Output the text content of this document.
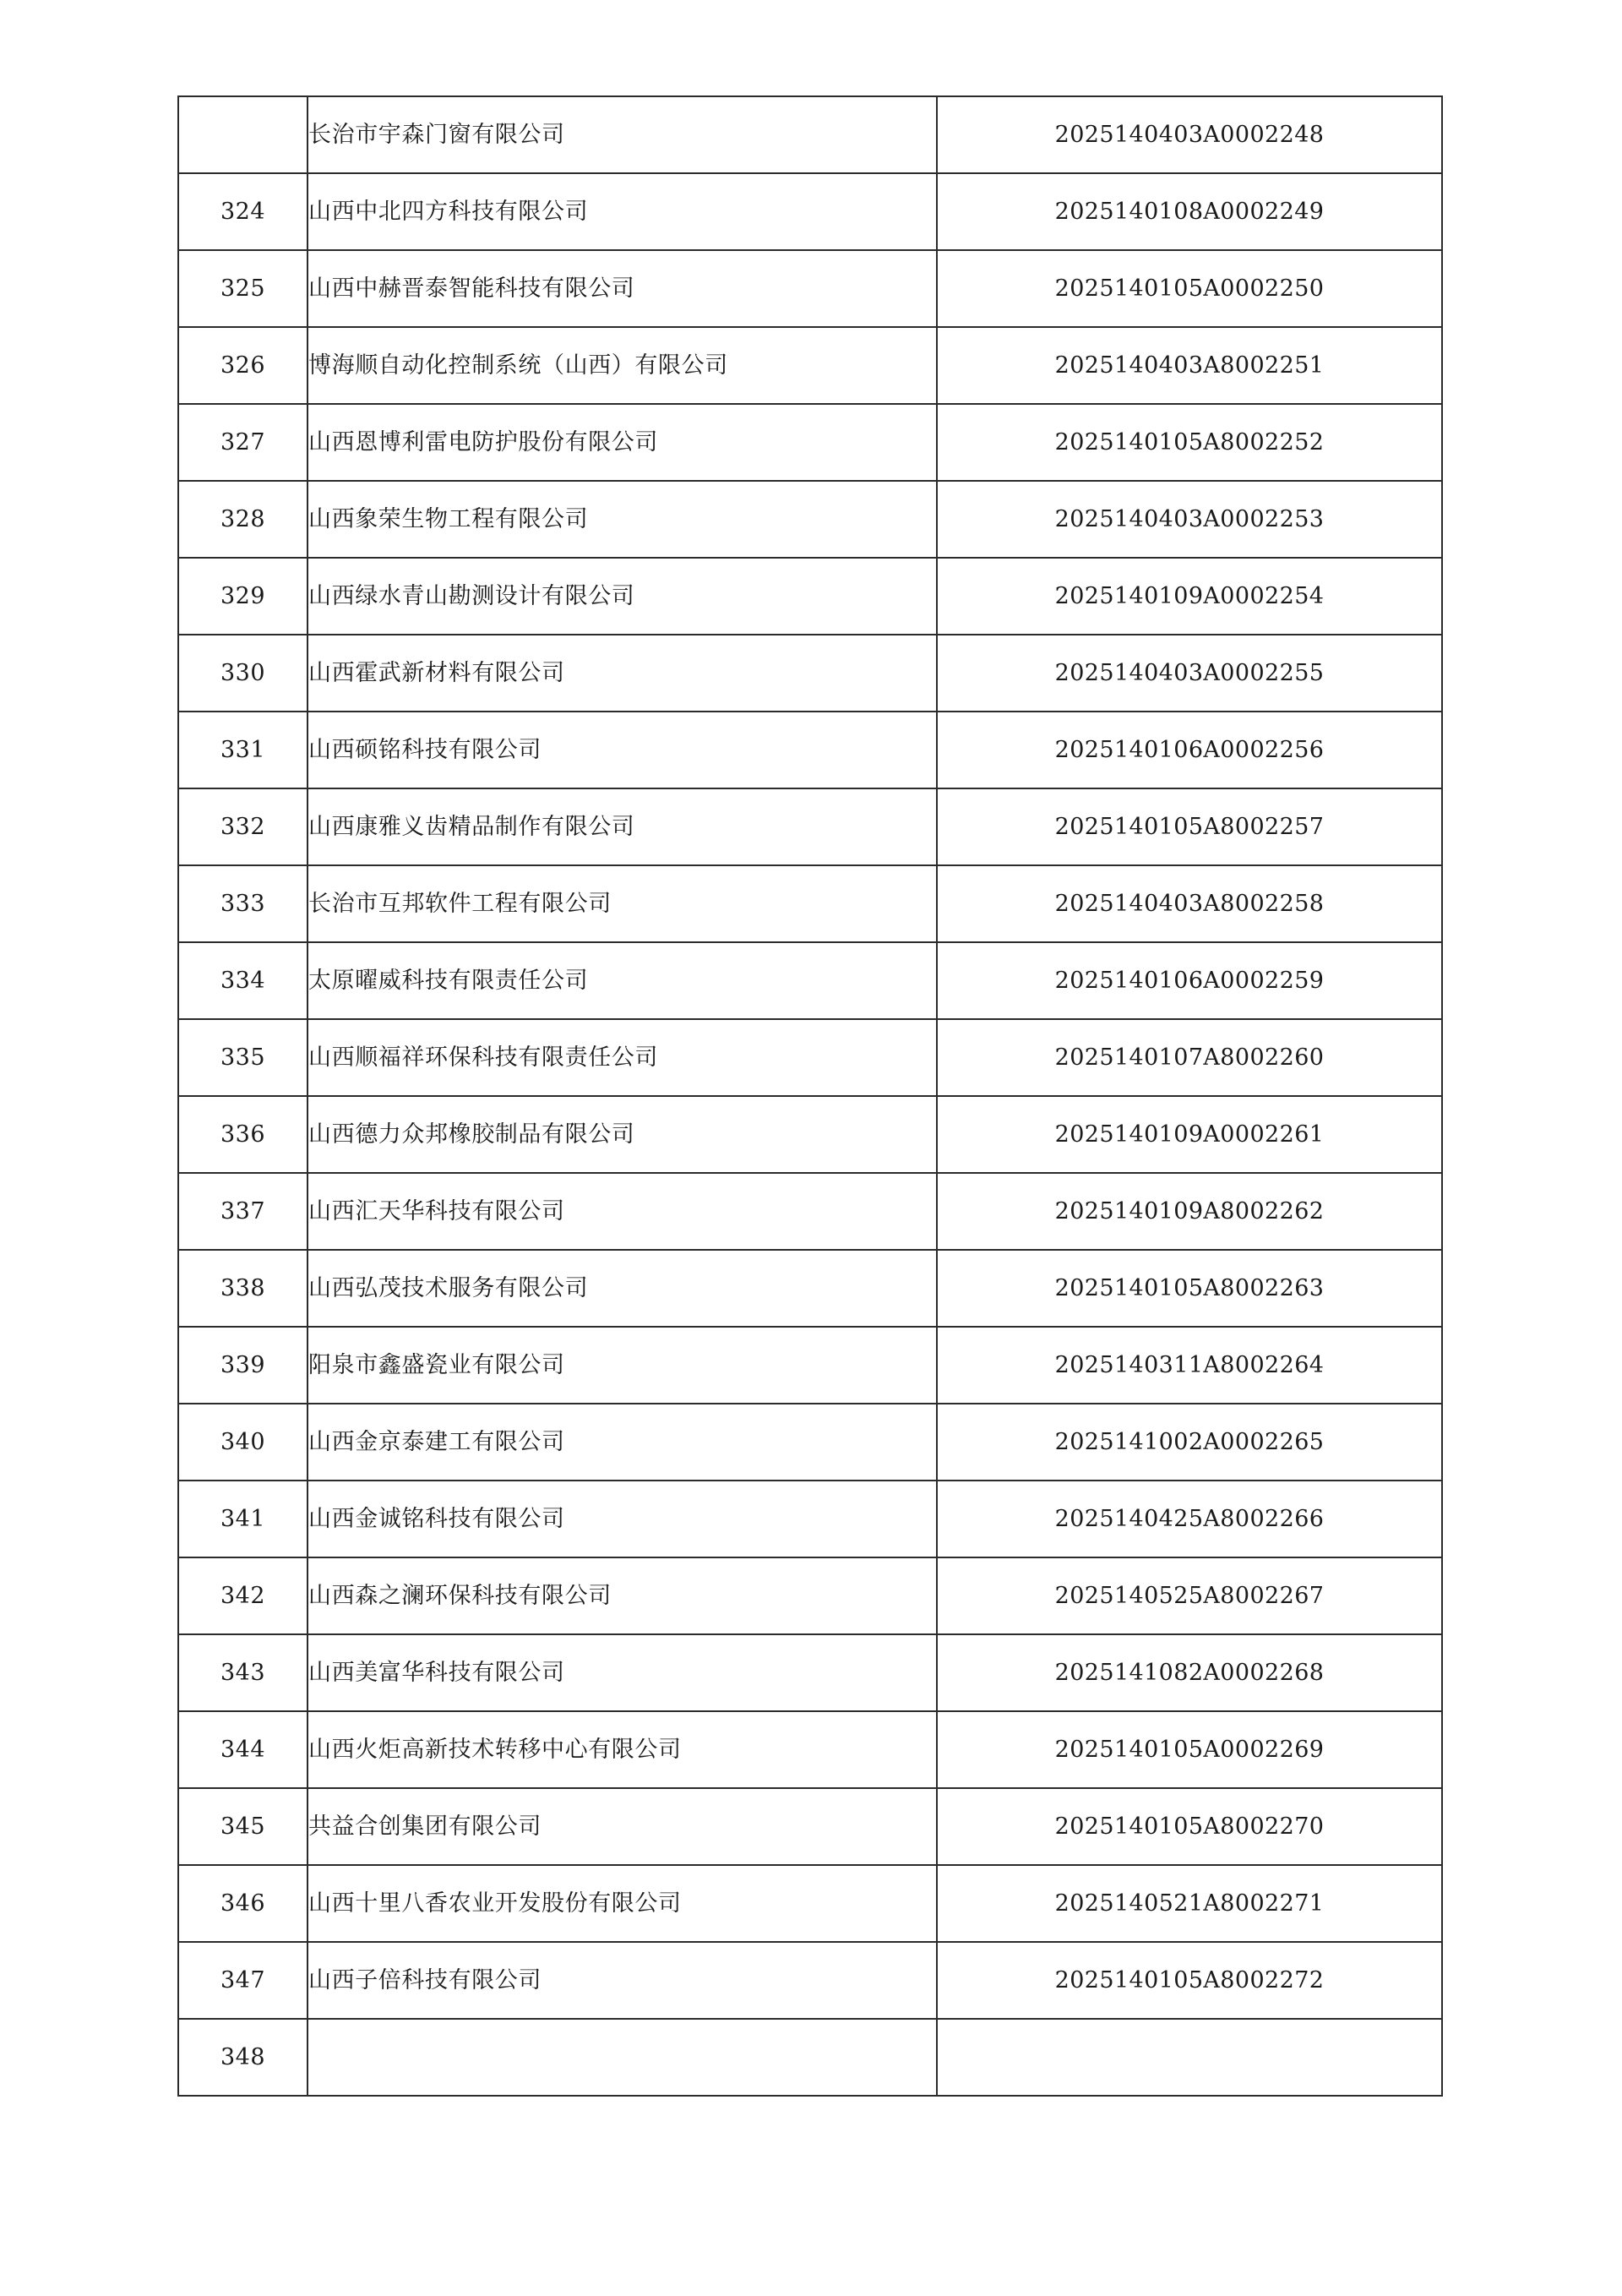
	长治市宇森门窗有限公司	2025140403A0002248
324	山西中北四方科技有限公司	2025140108A0002249
325	山西中赫晋泰智能科技有限公司	2025140105A0002250
326	博海顺自动化控制系统（山西）有限公司	2025140403A8002251
327	山西恩博利雷电防护股份有限公司	2025140105A8002252
328	山西象荣生物工程有限公司	2025140403A0002253
329	山西绿水青山勘测设计有限公司	2025140109A0002254
330	山西霍武新材料有限公司	2025140403A0002255
331	山西硕铭科技有限公司	2025140106A0002256
332	山西康雅义齿精品制作有限公司	2025140105A8002257
333	长治市互邦软件工程有限公司	2025140403A8002258
334	太原曜威科技有限责任公司	2025140106A0002259
335	山西顺福祥环保科技有限责任公司	2025140107A8002260
336	山西德力众邦橡胶制品有限公司	2025140109A0002261
337	山西汇天华科技有限公司	2025140109A8002262
338	山西弘茂技术服务有限公司	2025140105A8002263
339	阳泉市鑫盛瓷业有限公司	2025140311A8002264
340	山西金京泰建工有限公司	2025141002A0002265
341	山西金诚铭科技有限公司	2025140425A8002266
342	山西森之澜环保科技有限公司	2025140525A8002267
343	山西美富华科技有限公司	2025141082A0002268
344	山西火炬高新技术转移中心有限公司	2025140105A0002269
345	共益合创集团有限公司	2025140105A8002270
346	山西十里八香农业开发股份有限公司	2025140521A8002271
347	山西子倍科技有限公司	2025140105A8002272
348		
